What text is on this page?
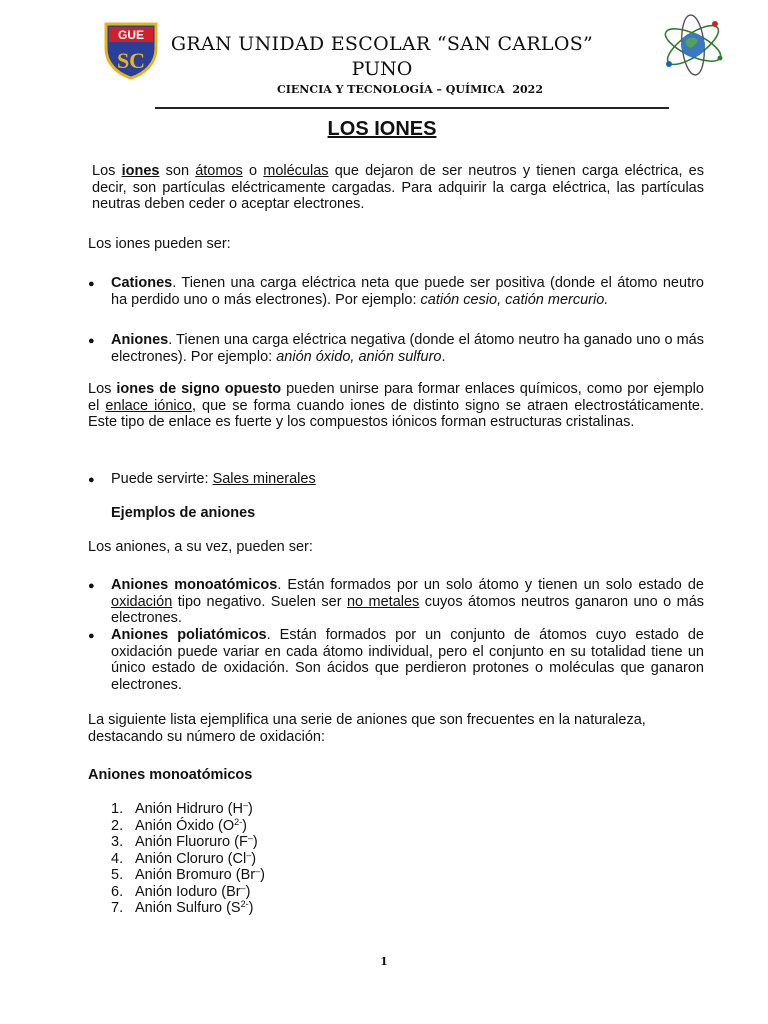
GUE
SC
GRAN UNIDAD ESCOLAR “SAN CARLOS”
PUNO
CIENCIA Y TECNOLOGÍA – QUÍMICA  2022
LOS IONES
Los iones son átomos o moléculas que dejaron de ser neutros y tienen carga eléctrica, es decir, son partículas eléctricamente cargadas. Para adquirir la carga eléctrica, las partículas neutras deben ceder o aceptar electrones.
Los iones pueden ser:
● Cationes. Tienen una carga eléctrica neta que puede ser positiva (donde el átomo neutro ha perdido uno o más electrones). Por ejemplo: catión cesio, catión mercurio.
● Aniones. Tienen una carga eléctrica negativa (donde el átomo neutro ha ganado uno o más electrones). Por ejemplo: anión óxido, anión sulfuro.
Los iones de signo opuesto pueden unirse para formar enlaces químicos, como por ejemplo el enlace iónico, que se forma cuando iones de distinto signo se atraen electrostáticamente. Este tipo de enlace es fuerte y los compuestos iónicos forman estructuras cristalinas.
● Puede servirte: Sales minerales
Ejemplos de aniones
Los aniones, a su vez, pueden ser:
● Aniones monoatómicos. Están formados por un solo átomo y tienen un solo estado de oxidación tipo negativo. Suelen ser no metales cuyos átomos neutros ganaron uno o más electrones.
● Aniones poliatómicos. Están formados por un conjunto de átomos cuyo estado de oxidación puede variar en cada átomo individual, pero el conjunto en su totalidad tiene un único estado de oxidación. Son ácidos que perdieron protones o moléculas que ganaron electrones.
La siguiente lista ejemplifica una serie de aniones que son frecuentes en la naturaleza, destacando su número de oxidación:
Aniones monoatómicos
1. Anión Hidruro (H–)
2. Anión Óxido $(O^{2-})$
3. Anión Fluoruro (F–)
4. Anión Cloruro (Cl–)
5. Anión Bromuro (Br–)
6. Anión Ioduro (Br–)
7. Anión Sulfuro $(S^{2-})$
1
